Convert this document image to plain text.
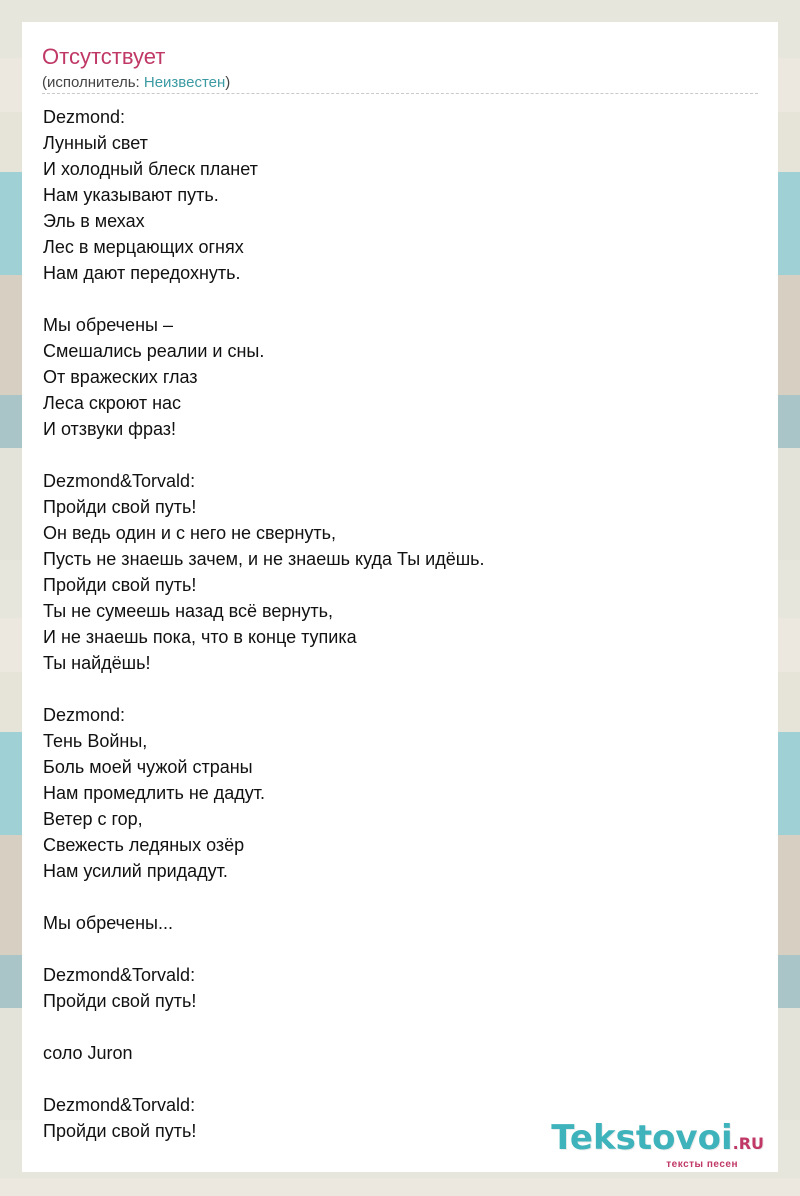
Отсутствует
(исполнитель: Неизвестен)
Dezmond:
Лунный свет
И холодный блеск планет
Нам указывают путь.
Эль в мехах
Лес в мерцающих огнях
Нам дают передохнуть.
Мы обречены –
Смешались реалии и сны.
От вражеских глаз
Леса скроют нас
И отзвуки фраз!
Dezmond&Torvald:
Пройди свой путь!
Он ведь один и с него не свернуть,
Пусть не знаешь зачем, и не знаешь куда Ты идёшь.
Пройди свой путь!
Ты не сумеешь назад всё вернуть,
И не знаешь пока, что в конце тупика
Ты найдёшь!
Dezmond:
Тень Войны,
Боль моей чужой страны
Нам промедлить не дадут.
Ветер с гор,
Свежесть ледяных озёр
Нам усилий придадут.
Мы обречены...
Dezmond&Torvald:
Пройди свой путь!
соло Juron
Dezmond&Torvald:
Пройди свой путь!	Tekstovoi.RU
тексты песен
